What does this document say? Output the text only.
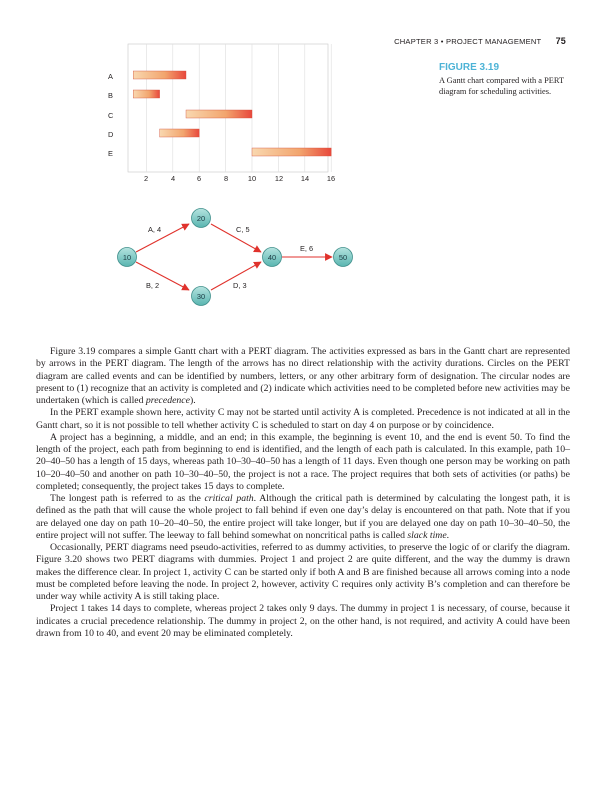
CHAPTER 3 • PROJECT MANAGEMENT 75
FIGURE 3.19
A Gantt chart compared with a PERT diagram for scheduling activities.
A
B
C
D
E
2	4	6	8	10	12 14 16
A, 4
B, 2
C, 5
D, 3
E, 6
10
20
30
40	50

Figure 3.19 compares a simple Gantt chart with a PERT diagram. The activities expressed as bars in the Gantt chart are represented by arrows in the PERT diagram. The length of the arrows has no direct relationship with the activity durations. Circles on the PERT diagram are called events and can be identified by numbers, letters, or any other arbitrary form of designation. The circular nodes are present to (1) recognize that an activity is completed and (2) indicate which activities need to be completed before new activities may be undertaken (which is called precedence).

In the PERT example shown here, activity C may not be started until activity A is completed. Precedence is not indicated at all in the Gantt chart, so it is not possible to tell whether activity C is scheduled to start on day 4 on purpose or by coincidence.

A project has a beginning, a middle, and an end; in this example, the beginning is event 10, and the end is event 50. To find the length of the project, each path from beginning to end is identified, and the length of each path is calculated. In this example, path 10–20–40–50 has a length of 15 days, whereas path 10–30–40–50 has a length of 11 days. Even though one person may be working on path 10–20–40–50 and another on path 10–30–40–50, the project is not a race. The project requires that both sets of activities (or paths) be completed; consequently, the project takes 15 days to complete.

The longest path is referred to as the critical path. Although the critical path is determined by calculating the longest path, it is defined as the path that will cause the whole project to fall behind if even one day’s delay is encountered on that path. Note that if you are delayed one day on path 10–20–40–50, the entire project will take longer, but if you are delayed one day on path 10–30–40–50, the entire project will not suffer. The leeway to fall behind somewhat on noncritical paths is called slack time.

Occasionally, PERT diagrams need pseudo-activities, referred to as dummy activities, to preserve the logic of or clarify the diagram. Figure 3.20 shows two PERT diagrams with dummies. Project 1 and project 2 are quite different, and the way the dummy is drawn makes the difference clear. In project 1, activity C can be started only if both A and B are finished because all arrows coming into a node must be completed before leaving the node. In project 2, however, activity C requires only activity B’s completion and can therefore be under way while activity A is still taking place.

Project 1 takes 14 days to complete, whereas project 2 takes only 9 days. The dummy in project 1 is necessary, of course, because it indicates a crucial precedence relationship. The dummy in project 2, on the other hand, is not required, and activity A could have been drawn from 10 to 40, and event 20 may be eliminated completely.
